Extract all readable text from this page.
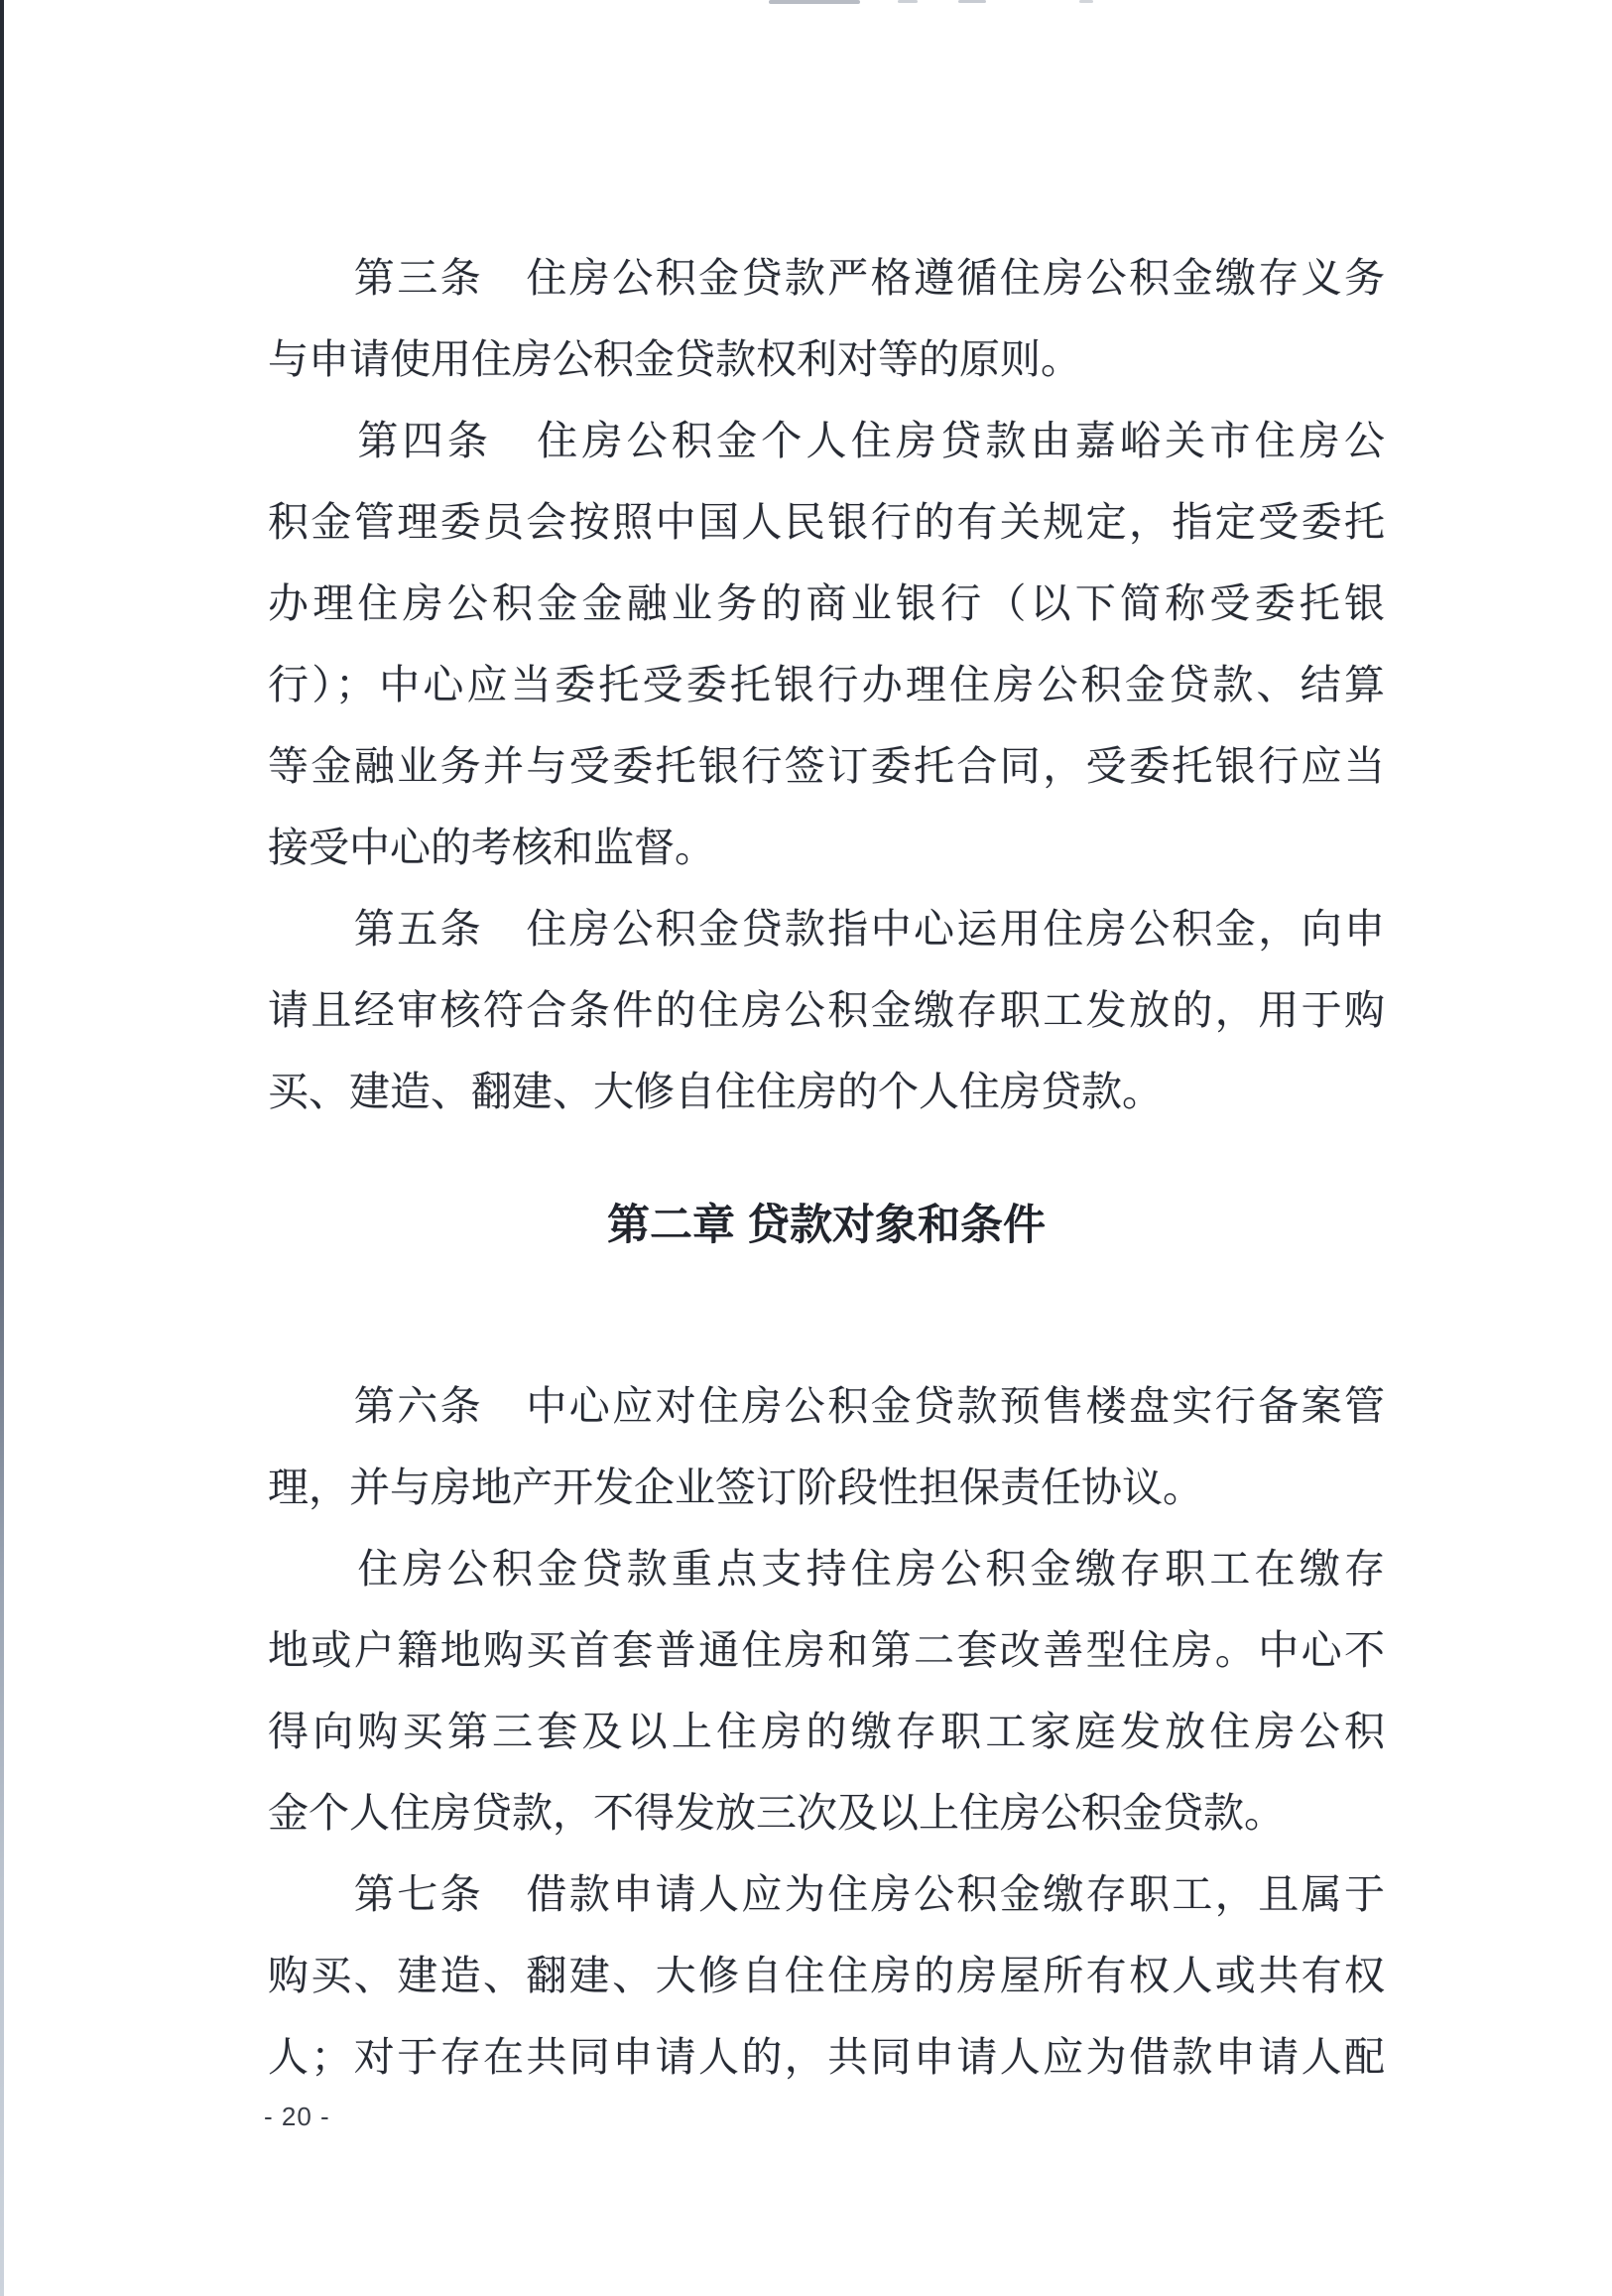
　　第三条　住房公积金贷款严格遵循住房公积金缴存义务
与申请使用住房公积金贷款权利对等的原则。
　　第四条　住房公积金个人住房贷款由嘉峪关市住房公
积金管理委员会按照中国人民银行的有关规定，指定受委托
办理住房公积金金融业务的商业银行（以下简称受委托银
行）；中心应当委托受委托银行办理住房公积金贷款、结算
等金融业务并与受委托银行签订委托合同，受委托银行应当
接受中心的考核和监督。
　　第五条　住房公积金贷款指中心运用住房公积金，向申
请且经审核符合条件的住房公积金缴存职工发放的，用于购
买、建造、翻建、大修自住住房的个人住房贷款。
第二章 贷款对象和条件
　　第六条　中心应对住房公积金贷款预售楼盘实行备案管
理，并与房地产开发企业签订阶段性担保责任协议。
　　住房公积金贷款重点支持住房公积金缴存职工在缴存
地或户籍地购买首套普通住房和第二套改善型住房。中心不
得向购买第三套及以上住房的缴存职工家庭发放住房公积
金个人住房贷款，不得发放三次及以上住房公积金贷款。
　　第七条　借款申请人应为住房公积金缴存职工，且属于
购买、建造、翻建、大修自住住房的房屋所有权人或共有权
人；对于存在共同申请人的，共同申请人应为借款申请人配
- 20 -
